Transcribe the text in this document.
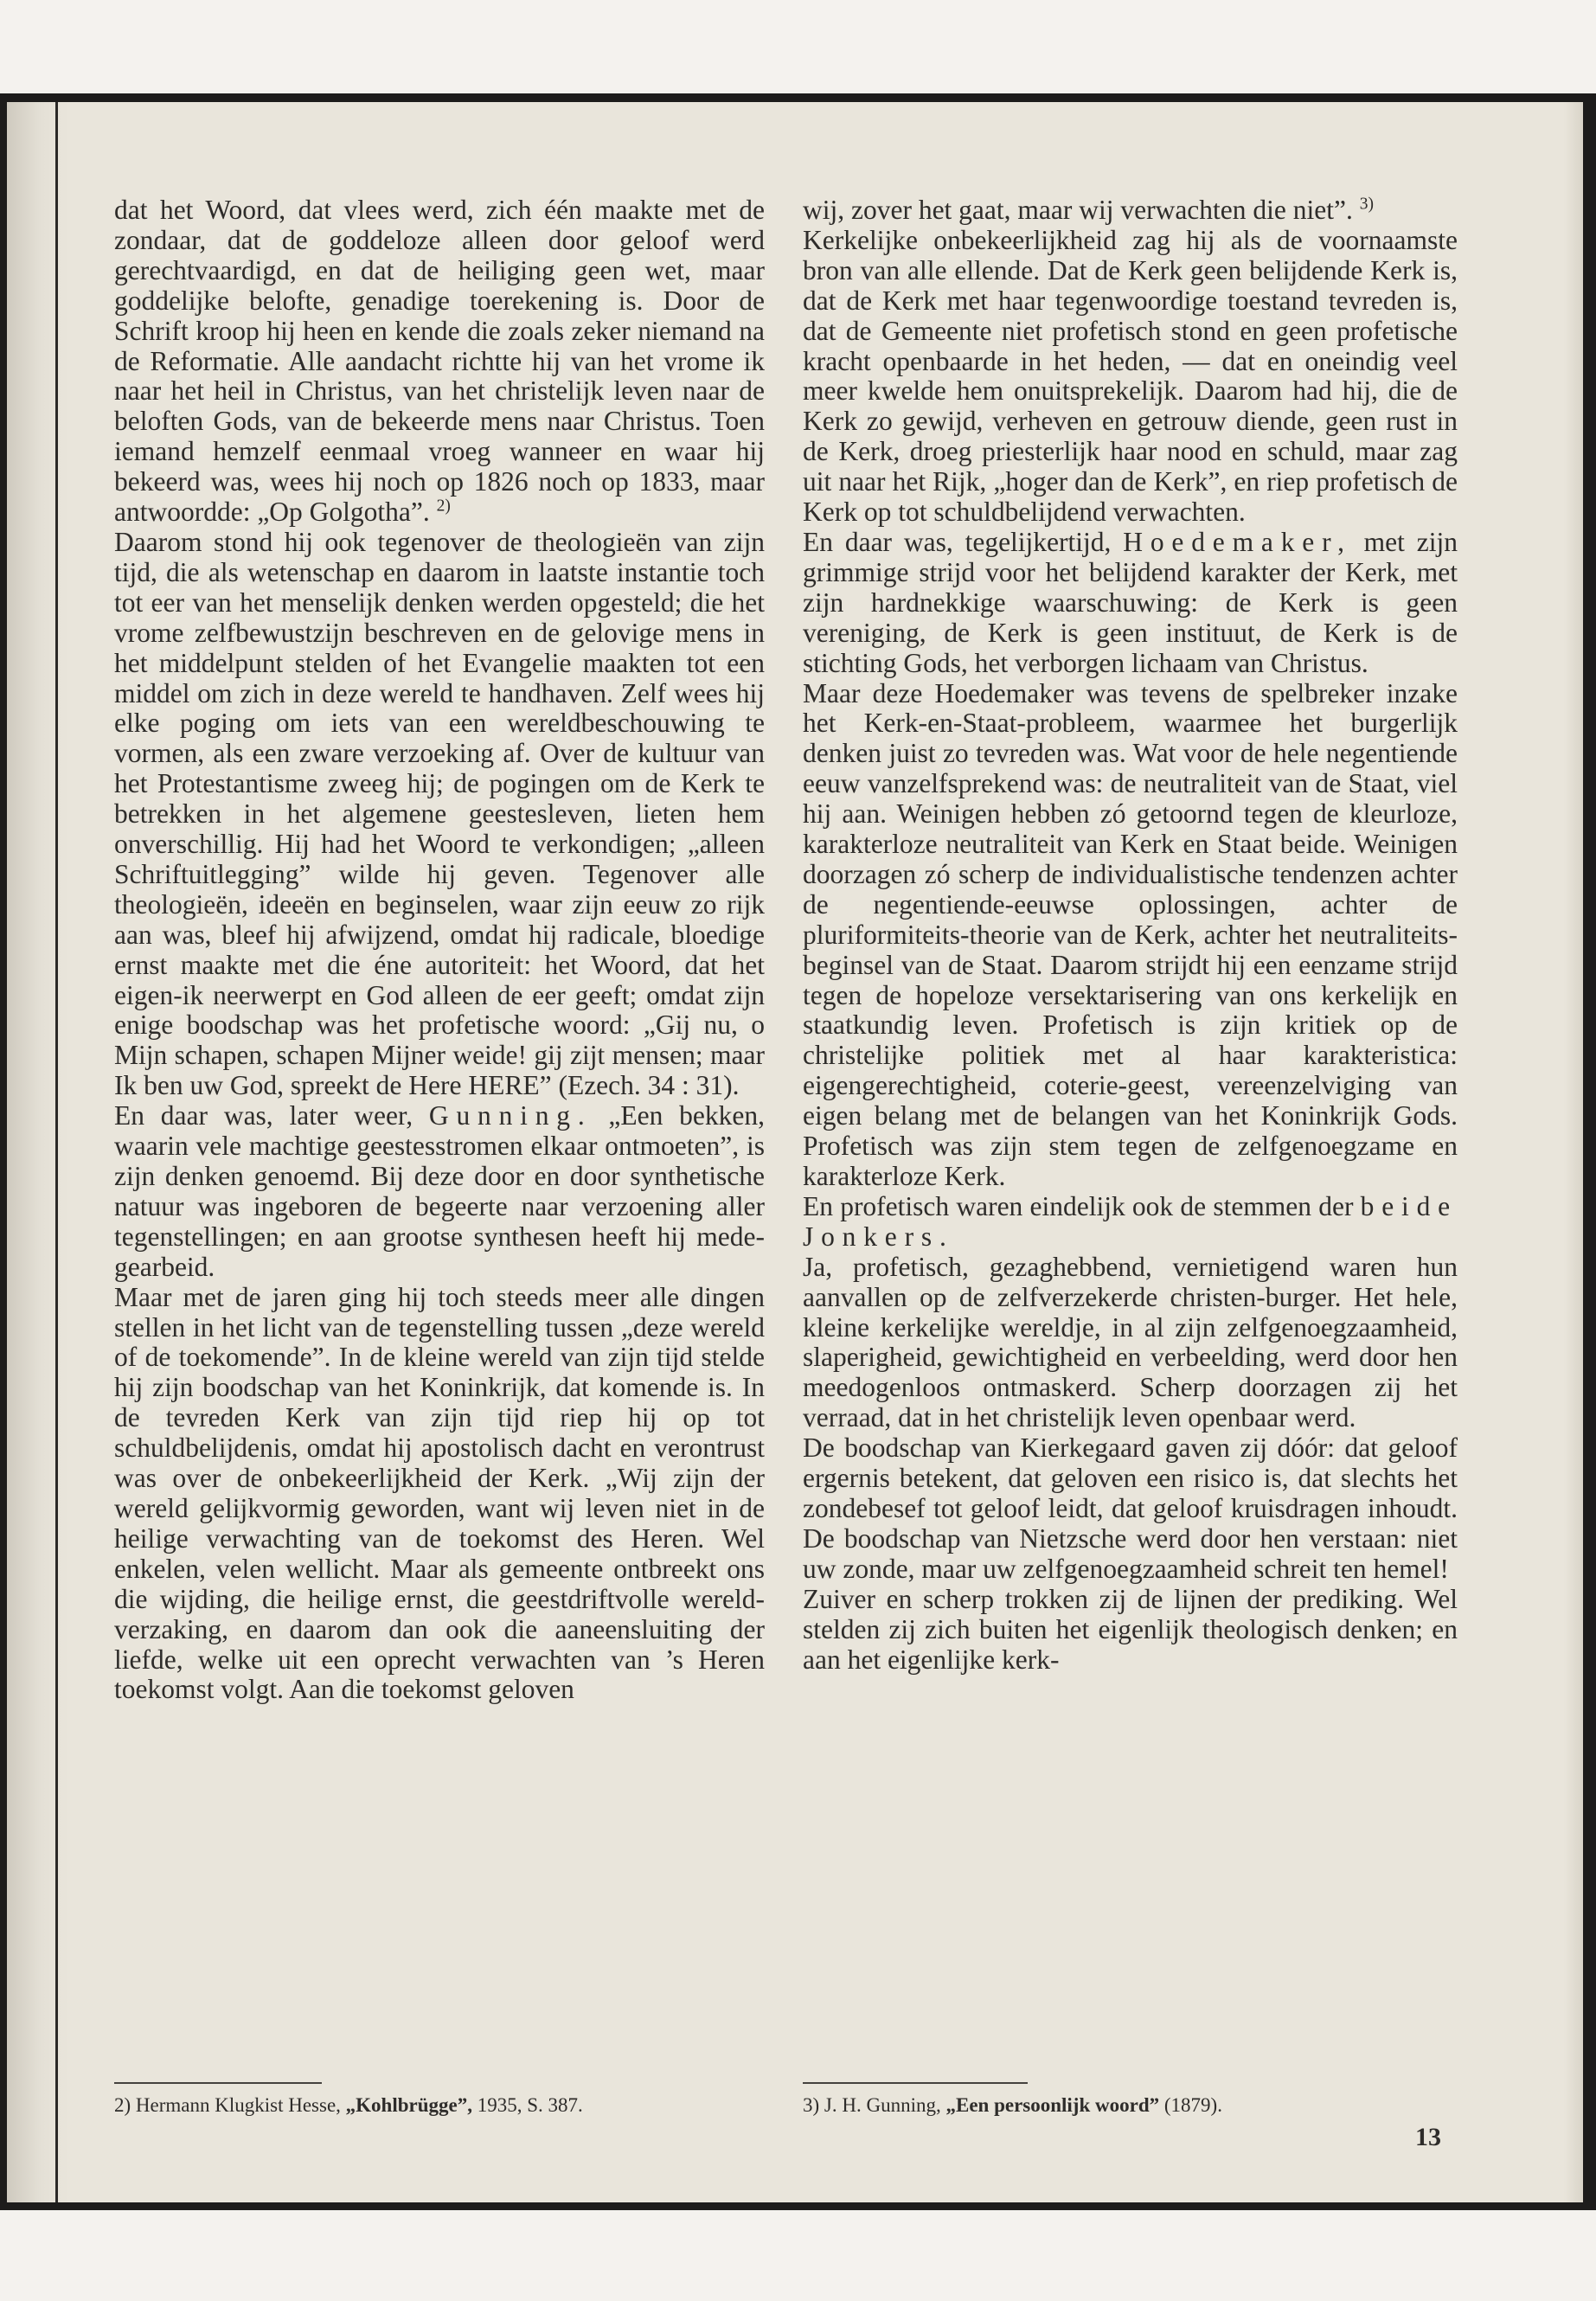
dat het Woord, dat vlees werd, zich één maakte met de zondaar, dat de goddeloze alleen door geloof werd gerechtvaardigd, en dat de heiliging geen wet, maar goddelijke belofte, genadige toerekening is. Door de Schrift kroop hij heen en kende die zoals zeker niemand na de Reformatie. Alle aandacht richtte hij van het vrome ik naar het heil in Christus, van het christelijk leven naar de beloften Gods, van de bekeerde mens naar Christus. Toen iemand hemzelf eenmaal vroeg wanneer en waar hij bekeerd was, wees hij noch op 1826 noch op 1833, maar antwoordde: „Op Golgotha”. $^{2)}$

Daarom stond hij ook tegenover de theologieën van zijn tijd, die als wetenschap en daarom in laatste instantie toch tot eer van het menselijk denken werden opgesteld; die het vrome zelfbewustzijn beschreven en de gelovige mens in het middelpunt stelden of het Evangelie maakten tot een middel om zich in deze wereld te handhaven. Zelf wees hij elke poging om iets van een wereldbeschouwing te vormen, als een zware verzoeking af. Over de kultuur van het Protestantisme zweeg hij; de pogingen om de Kerk te betrekken in het algemene geestesleven, lieten hem onverschillig. Hij had het Woord te verkondigen; „alleen Schriftuitlegging” wilde hij geven. Tegenover alle theologieën, ideeën en beginselen, waar zijn eeuw zo rijk aan was, bleef hij afwijzend, omdat hij radicale, bloedige ernst maakte met die éne autoriteit: het Woord, dat het eigen-ik neerwerpt en God alleen de eer geeft; omdat zijn enige boodschap was het profetische woord: „Gij nu, o Mijn schapen, schapen Mijner weide! gij zijt mensen; maar Ik ben uw God, spreekt de Here HERE” (Ezech. 34 : 31).

En daar was, later weer, Gunning. „Een bekken, waarin vele machtige geestesstromen elkaar ontmoeten”, is zijn denken genoemd. Bij deze door en door synthetische natuur was ingeboren de begeerte naar verzoening aller tegenstellingen; en aan grootse synthesen heeft hij mede-gearbeid.

Maar met de jaren ging hij toch steeds meer alle dingen stellen in het licht van de tegenstelling tussen „deze wereld of de toekomende”. In de kleine wereld van zijn tijd stelde hij zijn boodschap van het Koninkrijk, dat komende is. In de tevreden Kerk van zijn tijd riep hij op tot schuldbelijdenis, omdat hij apostolisch dacht en verontrust was over de onbekeerlijkheid der Kerk. „Wij zijn der wereld gelijkvormig geworden, want wij leven niet in de heilige verwachting van de toekomst des Heren. Wel enkelen, velen wellicht. Maar als gemeente ontbreekt ons die wijding, die heilige ernst, die geestdriftvolle wereld-verzaking, en daarom dan ook die aaneensluiting der liefde, welke uit een oprecht verwachten van ’s Heren toekomst volgt. Aan die toekomst geloven

wij, zover het gaat, maar wij verwachten die niet”. $^{3)}$

Kerkelijke onbekeerlijkheid zag hij als de voornaamste bron van alle ellende. Dat de Kerk geen belijdende Kerk is, dat de Kerk met haar tegenwoordige toestand tevreden is, dat de Gemeente niet profetisch stond en geen profetische kracht openbaarde in het heden, — dat en oneindig veel meer kwelde hem onuitsprekelijk. Daarom had hij, die de Kerk zo gewijd, verheven en getrouw diende, geen rust in de Kerk, droeg priesterlijk haar nood en schuld, maar zag uit naar het Rijk, „hoger dan de Kerk”, en riep profetisch de Kerk op tot schuldbelijdend verwachten.

En daar was, tegelijkertijd, Hoedemaker, met zijn grimmige strijd voor het belijdend karakter der Kerk, met zijn hardnekkige waarschuwing: de Kerk is geen vereniging, de Kerk is geen instituut, de Kerk is de stichting Gods, het verborgen lichaam van Christus.

Maar deze Hoedemaker was tevens de spelbreker inzake het Kerk-en-Staat-probleem, waarmee het burgerlijk denken juist zo tevreden was. Wat voor de hele negentiende eeuw vanzelfsprekend was: de neutraliteit van de Staat, viel hij aan. Weinigen hebben zó getoornd tegen de kleurloze, karakterloze neutraliteit van Kerk en Staat beide. Weinigen doorzagen zó scherp de individualistische tendenzen achter de negentiende-eeuwse oplossingen, achter de pluriformiteits-theorie van de Kerk, achter het neutraliteits-beginsel van de Staat. Daarom strijdt hij een eenzame strijd tegen de hopeloze versektarisering van ons kerkelijk en staatkundig leven. Profetisch is zijn kritiek op de christelijke politiek met al haar karakteristica: eigengerechtigheid, coterie-geest, vereenzelviging van eigen belang met de belangen van het Koninkrijk Gods. Profetisch was zijn stem tegen de zelfgenoegzame en karakterloze Kerk.

En profetisch waren eindelijk ook de stemmen der beide Jonkers.

Ja, profetisch, gezaghebbend, vernietigend waren hun aanvallen op de zelfverzekerde christen-burger. Het hele, kleine kerkelijke wereldje, in al zijn zelfgenoegzaamheid, slaperigheid, gewichtigheid en verbeelding, werd door hen meedogenloos ontmaskerd. Scherp doorzagen zij het verraad, dat in het christelijk leven openbaar werd.

De boodschap van Kierkegaard gaven zij dóór: dat geloof ergernis betekent, dat geloven een risico is, dat slechts het zondebesef tot geloof leidt, dat geloof kruisdragen inhoudt. De boodschap van Nietzsche werd door hen verstaan: niet uw zonde, maar uw zelfgenoegzaamheid schreit ten hemel!

Zuiver en scherp trokken zij de lijnen der prediking. Wel stelden zij zich buiten het eigenlijk theologisch denken; en aan het eigenlijke kerk-

2) Hermann Klugkist Hesse, „Kohlbrügge”, 1935, S. 387.	3) J. H. Gunning, „Een persoonlijk woord” (1879).
13
